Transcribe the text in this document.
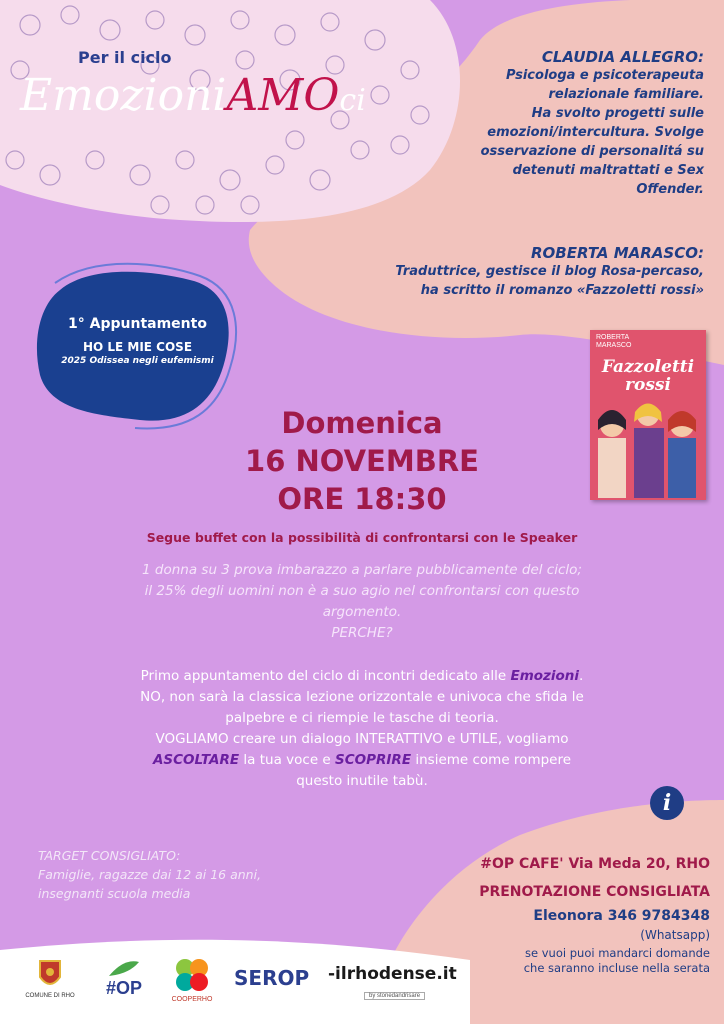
Per il ciclo
EmozioniAMOci
CLAUDIA ALLEGRO:
Psicologa e psicoterapeuta
relazionale familiare.
Ha svolto progetti sulle
emozioni/intercultura. Svolge
osservazione di personalitá su
detenuti maltrattati e Sex
Offender.
ROBERTA MARASCO:
Traduttrice, gestisce il blog Rosa-percaso,
ha scritto il romanzo «Fazzoletti rossi»
1° Appuntamento
HO LE MIE COSE
2025 Odissea negli eufemismi
ROBERTA
MARASCO
Fazzoletti
rossi
Domenica
16 NOVEMBRE
ORE 18:30
Segue buffet con la possibilità di confrontarsi con le Speaker
1 donna su 3 prova imbarazzo a parlare pubblicamente del ciclo;
il 25% degli uomini non è a suo agio nel confrontarsi con questo
argomento.
PERCHE?
Primo appuntamento del ciclo di incontri dedicato alle Emozioni.
NO, non sarà la classica lezione orizzontale e univoca che sfida le
palpebre e ci riempie le tasche di teoria.
VOGLIAMO creare un dialogo INTERATTIVO e UTILE, vogliamo
ASCOLTARE la tua voce e SCOPRIRE insieme come rompere
questo inutile tabù.
i
TARGET CONSIGLIATO:
Famiglie, ragazze dai 12 ai 16 anni,
insegnanti scuola media
#OP CAFE' Via Meda 20, RHO
PRENOTAZIONE CONSIGLIATA
Eleonora 346 9784348
(Whatsapp)
se vuoi puoi mandarci domande
che saranno incluse nella serata
COMUNE DI RHO #OP
COOPERHO
SEROP -ilrhodense.it
by stonedandrisare
